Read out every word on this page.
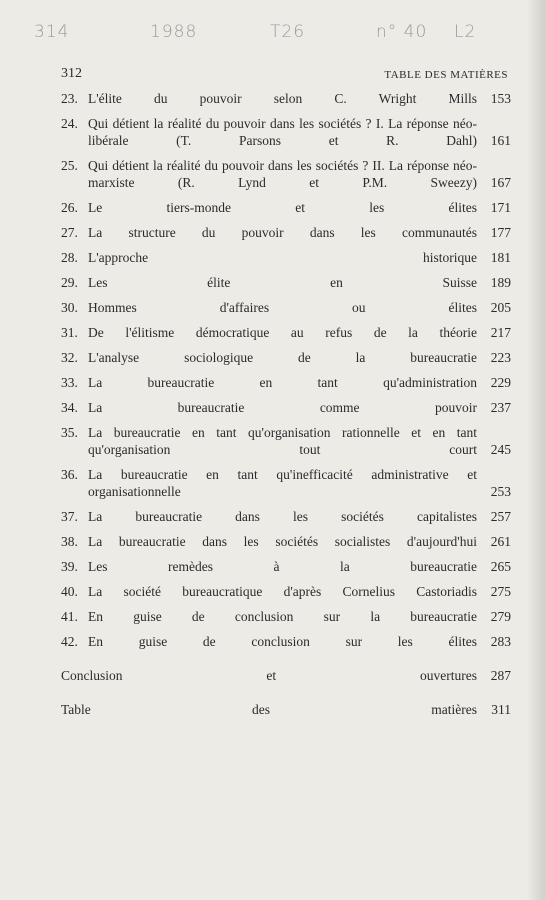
314	1988	T26	n° 40 L2
312	TABLE DES MATIÈRES
23. L'élite du pouvoir selon C. Wright Mills 153
24. Qui détient la réalité du pouvoir dans les sociétés ? I. La réponse néo-libérale (T. Parsons et R. Dahl) 161
25. Qui détient la réalité du pouvoir dans les sociétés ? II. La réponse néo-marxiste (R. Lynd et P.M. Sweezy) 167
26. Le tiers-monde et les élites 171
27. La structure du pouvoir dans les communautés 177
28. L'approche historique 181
29. Les élite en Suisse 189
30. Hommes d'affaires ou élites 205
31. De l'élitisme démocratique au refus de la théorie 217
32. L'analyse sociologique de la bureaucratie 223
33. La bureaucratie en tant qu'administration 229
34. La bureaucratie comme pouvoir 237
35. La bureaucratie en tant qu'organisation rationnelle et en tant qu'organisation tout court 245
36. La bureaucratie en tant qu'inefficacité administrative et organisationnelle	253
37. La bureaucratie dans les sociétés capitalistes 257
38. La bureaucratie dans les sociétés socialistes d'aujourd'hui 261
39. Les remèdes à la bureaucratie 265
40. La société bureaucratique d'après Cornelius Castoriadis 275
41. En guise de conclusion sur la bureaucratie 279
42. En guise de conclusion sur les élites 283
Conclusion et ouvertures 287
Table des matières 311
